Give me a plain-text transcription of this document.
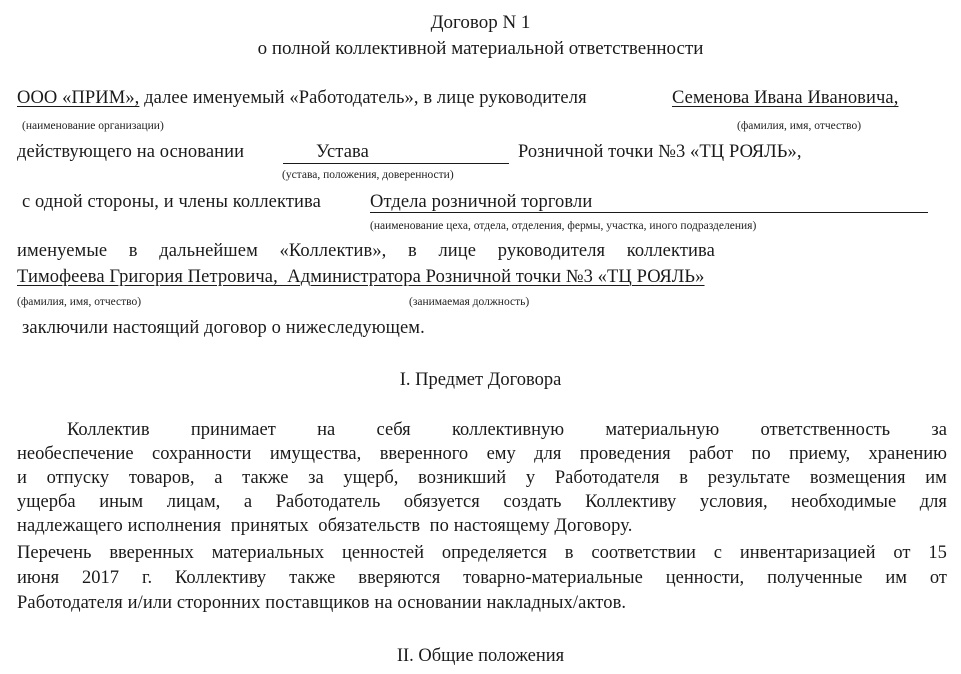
Договор N 1
о полной коллективной материальной ответственности
ООО «ПРИМ», далее именуемый «Работодатель», в лице руководителя	Семенова Ивана Ивановича,
(наименование организации)	(фамилия, имя, отчество)
действующего на основании	Устава	Розничной точки №3 «ТЦ РОЯЛЬ»,
(устава, положения, доверенности)
с одной стороны, и члены коллектива	Отдела розничной торговли
(наименование цеха, отдела, отделения, фермы, участка, иного подразделения)
именуемые в дальнейшем «Коллектив», в лице руководителя коллектива
Тимофеева Григория Петровича,  Администратора Розничной точки №3 «ТЦ РОЯЛЬ»
(фамилия, имя, отчество)	(занимаемая должность)
заключили настоящий договор о нижеследующем.
I. Предмет Договора
Коллектив принимает на себя коллективную материальную ответственность за
необеспечение сохранности имущества, вверенного ему для проведения работ по приему, хранению
и отпуску товаров, а также за ущерб, возникший у Работодателя в результате возмещения им
ущерба иным лицам, а Работодатель обязуется создать Коллективу условия, необходимые для
надлежащего исполнения  принятых  обязательств  по настоящему Договору.
Перечень вверенных материальных ценностей определяется в соответствии с инвентаризацией от 15
июня 2017 г. Коллективу также вверяются товарно-материальные ценности, полученные им от
Работодателя и/или сторонних поставщиков на основании накладных/актов.
II. Общие положения
